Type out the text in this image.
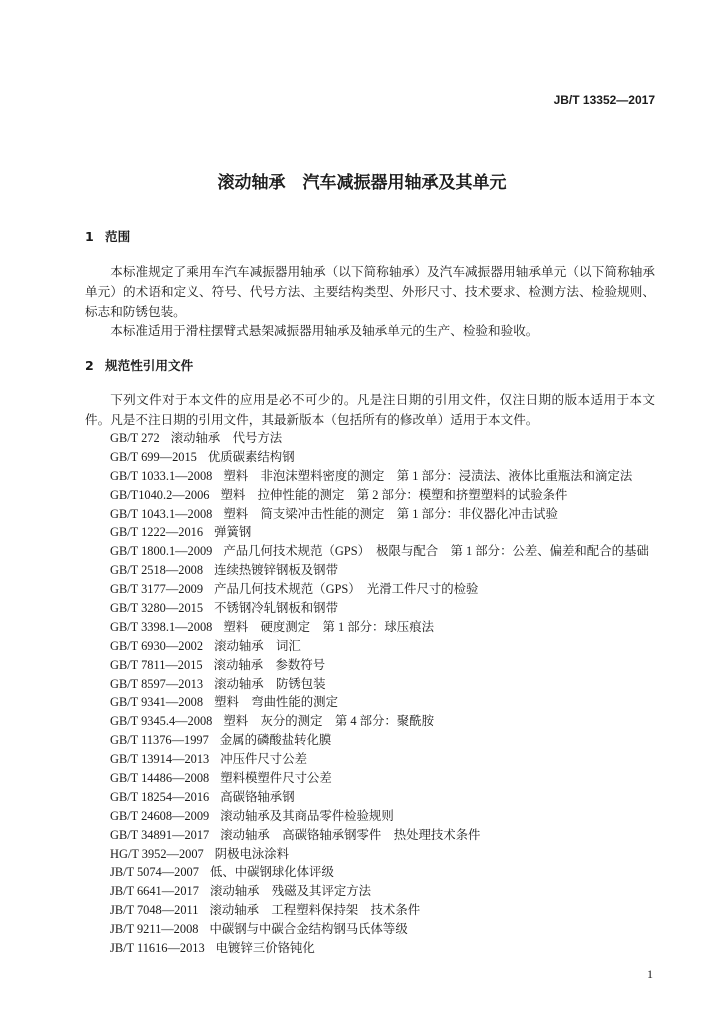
JB/T 13352—2017
滚动轴承 汽车减振器用轴承及其单元
1 范围

本标准规定了乘用车汽车减振器用轴承（以下简称轴承）及汽车减振器用轴承单元（以下简称轴承单元）的术语和定义、符号、代号方法、主要结构类型、外形尺寸、技术要求、检测方法、检验规则、标志和防锈包装。

本标准适用于滑柱摆臂式悬架减振器用轴承及轴承单元的生产、检验和验收。

2 规范性引用文件

下列文件对于本文件的应用是必不可少的。凡是注日期的引用文件，仅注日期的版本适用于本文件。凡是不注日期的引用文件，其最新版本（包括所有的修改单）适用于本文件。

GB/T 272 滚动轴承　代号方法
GB/T 699—2015 优质碳素结构钢
GB/T 1033.1—2008 塑料　非泡沫塑料密度的测定　第 1 部分：浸渍法、液体比重瓶法和滴定法
GB/T1040.2—2006 塑料　拉伸性能的测定　第 2 部分：模塑和挤塑塑料的试验条件
GB/T 1043.1—2008 塑料　简支梁冲击性能的测定　第 1 部分：非仪器化冲击试验
GB/T 1222—2016 弹簧钢
GB/T 1800.1—2009 产品几何技术规范（GPS）　极限与配合　第 1 部分：公差、偏差和配合的基础
GB/T 2518—2008 连续热镀锌钢板及钢带
GB/T 3177—2009 产品几何技术规范（GPS）　光滑工件尺寸的检验
GB/T 3280—2015 不锈钢冷轧钢板和钢带
GB/T 3398.1—2008 塑料　硬度测定　第 1 部分：球压痕法
GB/T 6930—2002 滚动轴承　词汇
GB/T 7811—2015 滚动轴承　参数符号
GB/T 8597—2013 滚动轴承　防锈包装
GB/T 9341—2008 塑料　弯曲性能的测定
GB/T 9345.4—2008 塑料　灰分的测定　第 4 部分：聚酰胺
GB/T 11376—1997 金属的磷酸盐转化膜
GB/T 13914—2013 冲压件尺寸公差
GB/T 14486—2008 塑料模塑件尺寸公差
GB/T 18254—2016 高碳铬轴承钢
GB/T 24608—2009 滚动轴承及其商品零件检验规则
GB/T 34891—2017 滚动轴承　高碳铬轴承钢零件　热处理技术条件
HG/T 3952—2007 阴极电泳涂料
JB/T 5074—2007 低、中碳钢球化体评级
JB/T 6641—2017 滚动轴承　残磁及其评定方法
JB/T 7048—2011 滚动轴承　工程塑料保持架　技术条件
JB/T 9211—2008 中碳钢与中碳合金结构钢马氏体等级
JB/T 11616—2013 电镀锌三价铬钝化
1
